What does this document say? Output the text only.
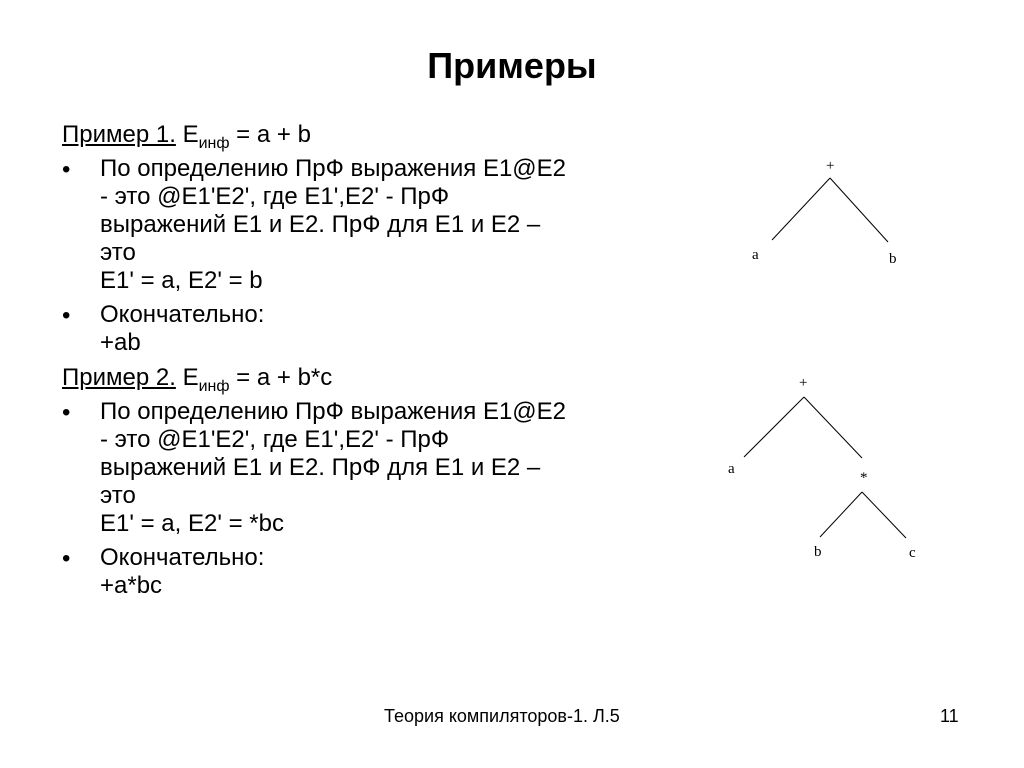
Примеры
Пример 1. $E_{инф} = a + b$
• По определению ПрФ выражения E1@E2
- это @E1'E2', где E1',E2' - ПрФ
выражений E1 и E2. ПрФ для E1 и E2 –
это
E1' = a, E2' = b
• Окончательно:
+ab
Пример 2. $E_{инф} = a + b*c$
• По определению ПрФ выражения E1@E2
- это @E1'E2', где E1',E2' - ПрФ
выражений E1 и E2. ПрФ для E1 и E2 –
это
E1' = a, E2' = *bc
• Окончательно:
+a*bc
+
a	b
+
a
*
b	c
Теория компиляторов-1. Л.5	11
